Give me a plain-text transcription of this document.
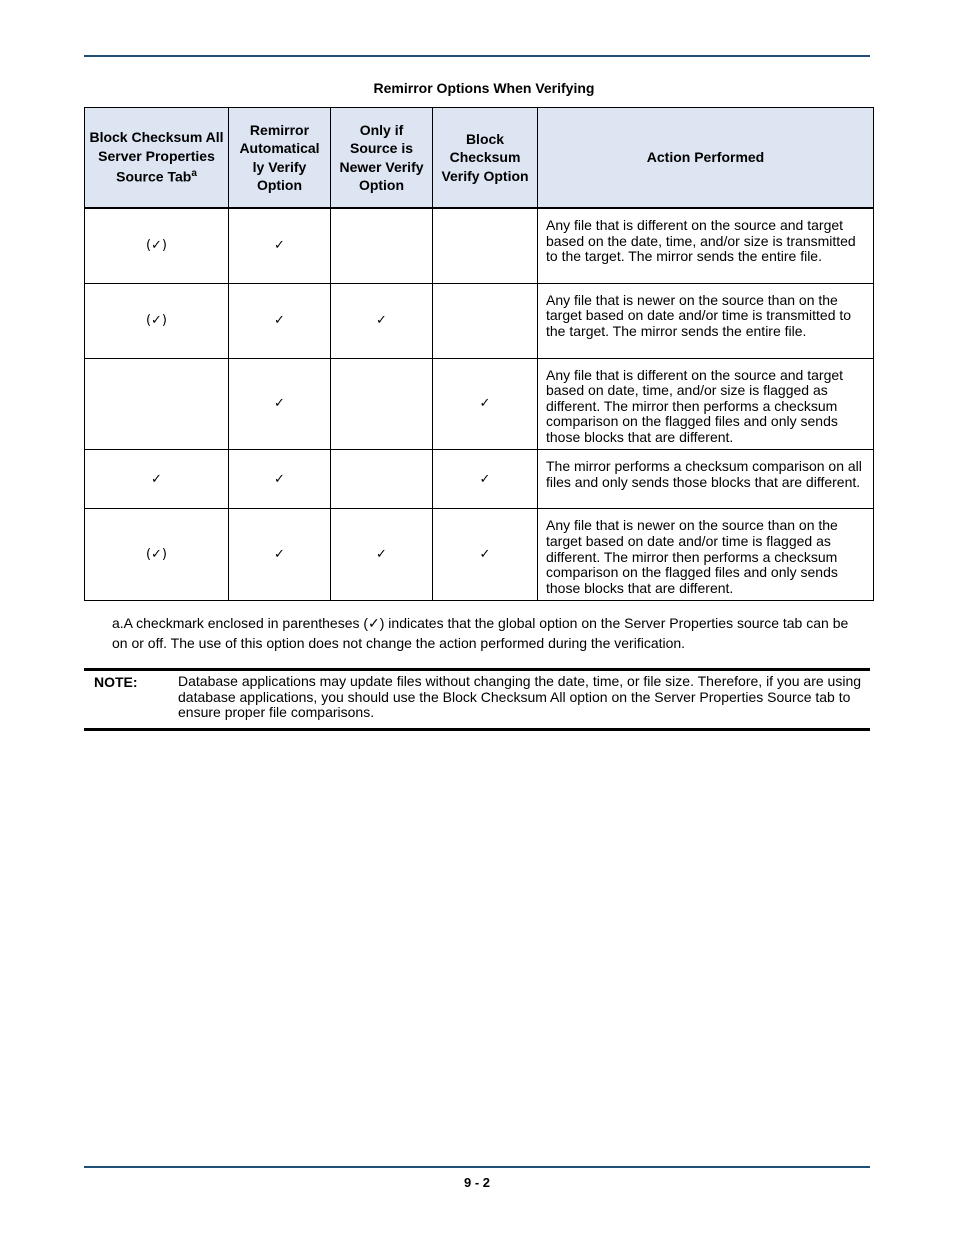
Remirror Options When Verifying
Block Checksum All Server Properties Source Tab$^a$	Remirror Automatical ly Verify Option	Only if Source is Newer Verify Option	Block Checksum Verify Option	Action Performed
(✓)	✓			Any file that is different on the source and target based on the date, time, and/or size is transmitted to the target. The mirror sends the entire file.
(✓)	✓	✓		Any file that is newer on the source than on the target based on date and/or time is transmitted to the target. The mirror sends the entire file.
	✓		✓	Any file that is different on the source and target based on date, time, and/or size is flagged as different. The mirror then performs a checksum comparison on the flagged files and only sends those blocks that are different.
✓	✓		✓	The mirror performs a checksum comparison on all files and only sends those blocks that are different.
(✓)	✓	✓	✓	Any file that is newer on the source than on the target based on date and/or time is flagged as different. The mirror then performs a checksum comparison on the flagged files and only sends those blocks that are different.
a.A checkmark enclosed in parentheses (✓) indicates that the global option on the Server Properties source tab can be on or off. The use of this option does not change the action performed during the verification.
NOTE:	Database applications may update files without changing the date, time, or file size. Therefore, if you are using database applications, you should use the Block Checksum All option on the Server Properties Source tab to ensure proper file comparisons.
9 - 2
